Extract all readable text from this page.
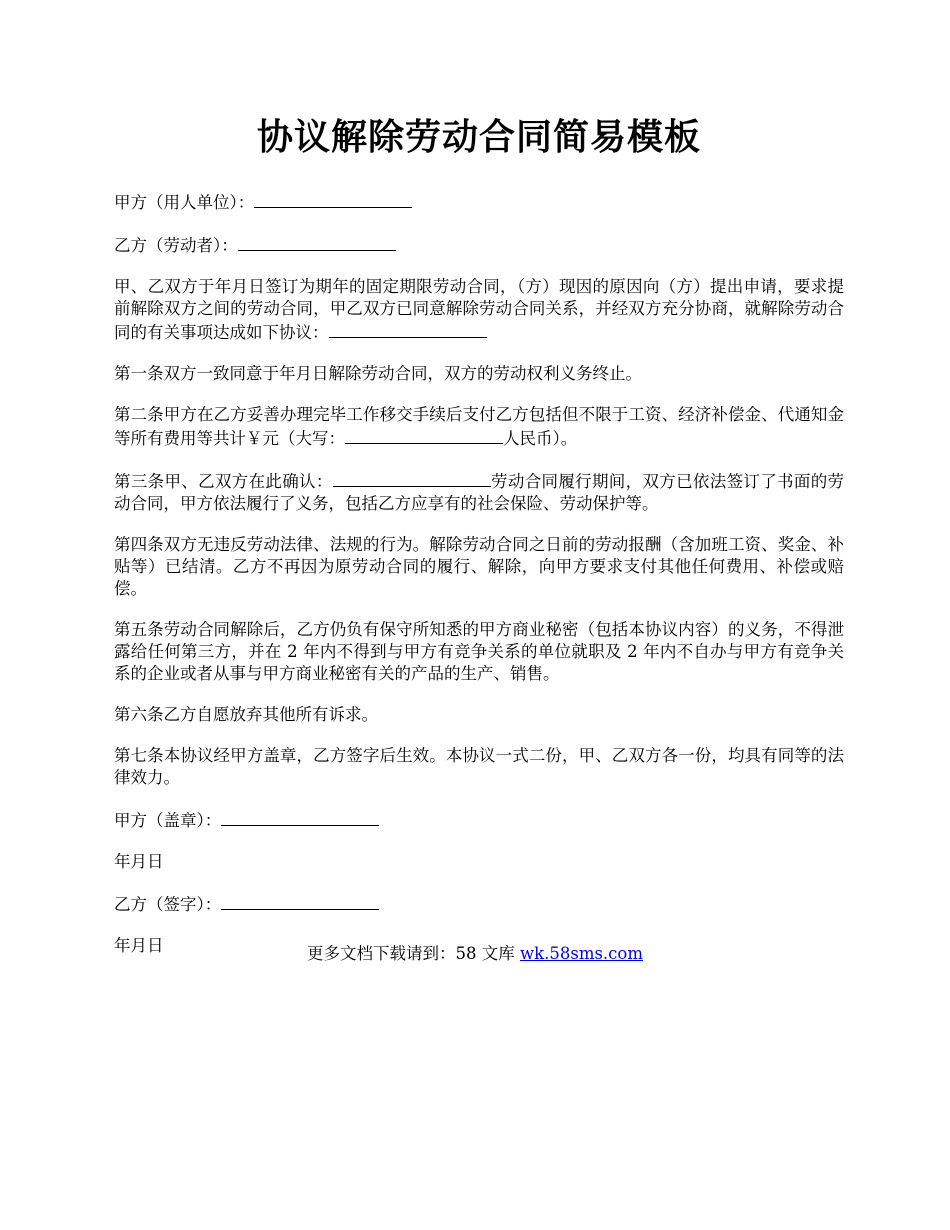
协议解除劳动合同简易模板

甲方（用人单位）：

乙方（劳动者）：

甲、乙双方于年月日签订为期年的固定期限劳动合同，（方）现因的原因向（方）提出申请，要求提前解除双方之间的劳动合同，甲乙双方已同意解除劳动合同关系，并经双方充分协商，就解除劳动合同的有关事项达成如下协议：

第一条双方一致同意于年月日解除劳动合同，双方的劳动权利义务终止。

第二条甲方在乙方妥善办理完毕工作移交手续后支付乙方包括但不限于工资、经济补偿金、代通知金等所有费用等共计￥元（大写：	人民币）。

第三条甲、乙双方在此确认：	劳动合同履行期间，双方已依法签订了书面的劳动合同，甲方依法履行了义务，包括乙方应享有的社会保险、劳动保护等。

第四条双方无违反劳动法律、法规的行为。解除劳动合同之日前的劳动报酬（含加班工资、奖金、补贴等）已结清。乙方不再因为原劳动合同的履行、解除，向甲方要求支付其他任何费用、补偿或赔偿。

第五条劳动合同解除后，乙方仍负有保守所知悉的甲方商业秘密（包括本协议内容）的义务，不得泄露给任何第三方，并在 2 年内不得到与甲方有竞争关系的单位就职及 2 年内不自办与甲方有竞争关系的企业或者从事与甲方商业秘密有关的产品的生产、销售。

第六条乙方自愿放弃其他所有诉求。

第七条本协议经甲方盖章，乙方签字后生效。本协议一式二份，甲、乙双方各一份，均具有同等的法律效力。

甲方（盖章）：

年月日

乙方（签字）：

年月日	更多文档下载请到：58 文库 wk.58sms.com
